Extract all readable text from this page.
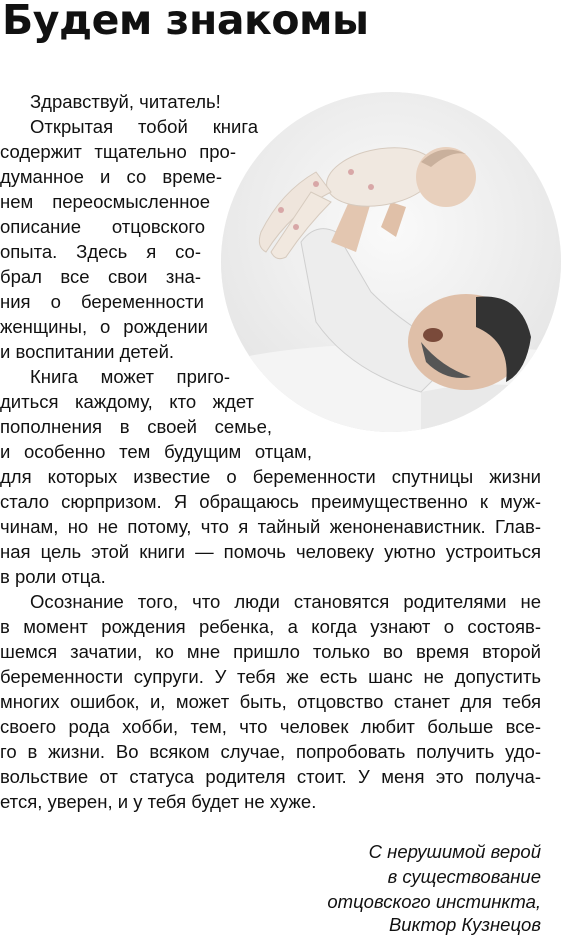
Будем знакомы
Здравствуй, читатель!
Открытая тобой книга
содержит тщательно про-
думанное и со време-
нем переосмысленное
описание отцовского
опыта. Здесь я со-
брал все свои зна-
ния о беременности
женщины, о рождении
и воспитании детей.
Книга может приго-
диться каждому, кто ждет
пополнения в своей семье,
и особенно тем будущим отцам,
для которых известие о беременности спутницы жизни
стало сюрпризом. Я обращаюсь преимущественно к муж-
чинам, но не потому, что я тайный женоненавистник. Глав-
ная цель этой книги — помочь человеку уютно устроиться
в роли отца.
Осознание того, что люди становятся родителями не
в момент рождения ребенка, а когда узнают о состояв-
шемся зачатии, ко мне пришло только во время второй
беременности супруги. У тебя же есть шанс не допустить
многих ошибок, и, может быть, отцовство станет для тебя
своего рода хобби, тем, что человек любит больше все-
го в жизни. Во всяком случае, попробовать получить удо-
вольствие от статуса родителя стоит. У меня это получа-
ется, уверен, и у тебя будет не хуже.
С нерушимой верой
в существование
отцовского инстинкта,
Виктор Кузнецов
